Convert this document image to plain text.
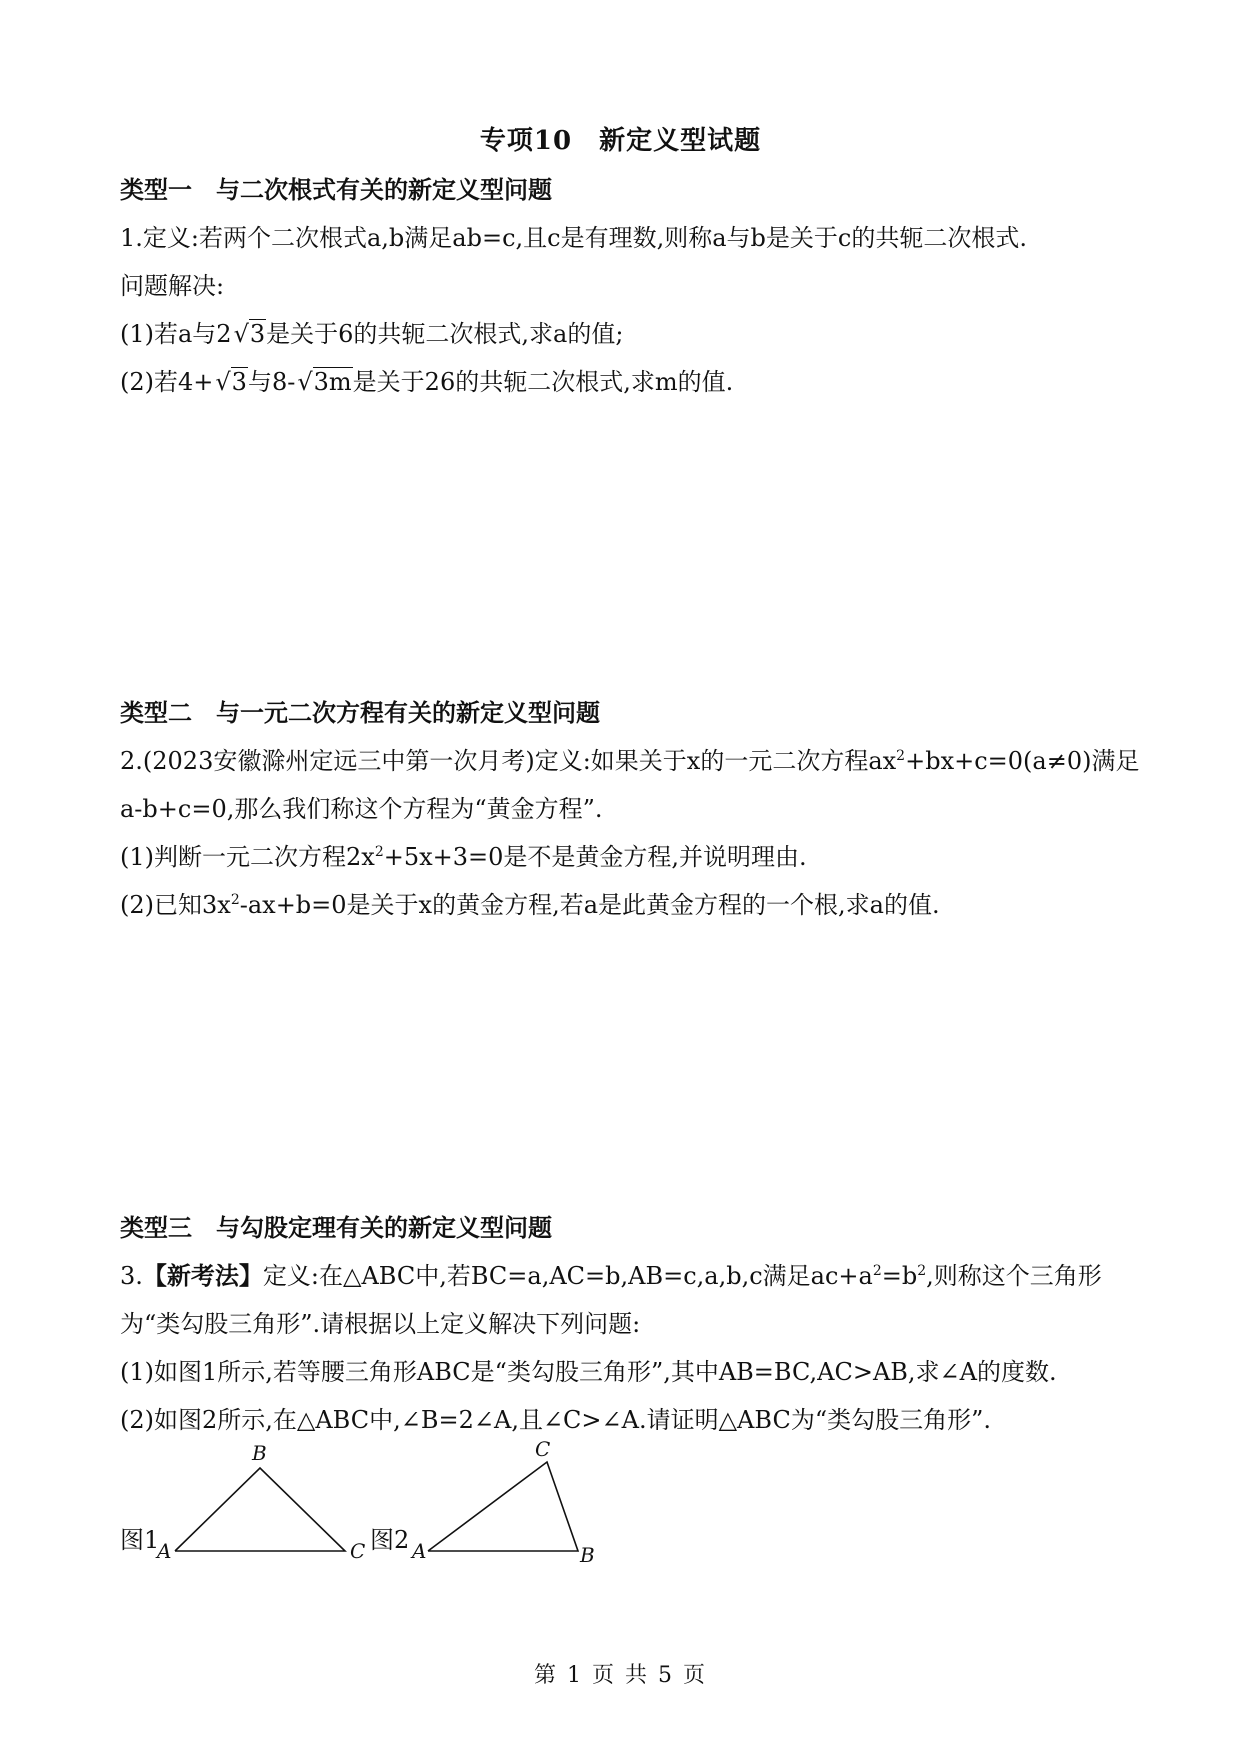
专项10　新定义型试题
类型一　与二次根式有关的新定义型问题
1.定义:若两个二次根式a,b满足ab=c,且c是有理数,则称a与b是关于c的共轭二次根式.
问题解决:
(1)若a与2√3是关于6的共轭二次根式,求a的值;
(2)若4+√3与8-√3m是关于26的共轭二次根式,求m的值.
类型二　与一元二次方程有关的新定义型问题
2.(2023安徽滁州定远三中第一次月考)定义:如果关于x的一元二次方程$ax^2+bx+c=0(a\ne 0)$满足
a-b+c=0,那么我们称这个方程为“黄金方程”.
(1)判断一元二次方程$2x^2+5x+3=0$是不是黄金方程,并说明理由.
(2)已知$3x^2-ax+b=0$是关于x的黄金方程,若a是此黄金方程的一个根,求a的值.
类型三　与勾股定理有关的新定义型问题
3.【新考法】定义:在△ABC中,若BC=a,AC=b,AB=c,a,b,c满足$ac+a^2=b^2$,则称这个三角形
为“类勾股三角形”.请根据以上定义解决下列问题:
(1)如图1所示,若等腰三角形ABC是“类勾股三角形”,其中AB=BC,AC>AB,求∠A的度数.
(2)如图2所示,在△ABC中,∠B=2∠A,且∠C>∠A.请证明△ABC为“类勾股三角形”.
图1
A
B
C A
C
B
图2
第 1 页 共 5 页
